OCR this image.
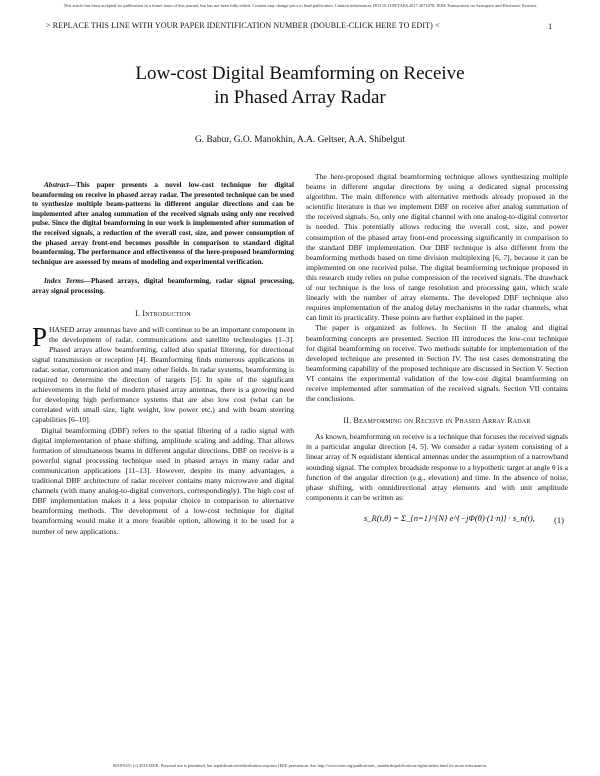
This article has been accepted for publication in a future issue of this journal, but has not been fully edited. Content may change prior to final publication. Citation information: DOI 10.1109/TAES.2017.2671078, IEEE Transactions on Aerospace and Electronic Systems
> REPLACE THIS LINE WITH YOUR PAPER IDENTIFICATION NUMBER (DOUBLE-CLICK HERE TO EDIT) <	1
Low-cost Digital Beamforming on Receive
in Phased Array Radar
G. Babur, G.O. Manokhin, A.A. Geltser, A.A. Shibelgut

Abstract—This paper presents a novel low-cost technique for digital beamforming on receive in phased array radar. The presented technique can be used to synthesize multiple beam-patterns in different angular directions and can be implemented after analog summation of the received signals using only one received pulse. Since the digital beamforming in our work is implemented after summation of the received signals, a reduction of the overall cost, size, and power consumption of the phased array front-end becomes possible in comparison to standard digital beamforming. The performance and effectiveness of the here-proposed beamforming technique are assessed by means of modeling and experimental verification.

Index Terms—Phased arrays, digital beamforming, radar signal processing, array signal processing.

I. Introduction

PHASED array antennas have and will continue to be an important component in the development of radar, communications and satellite technologies [1–3]. Phased arrays allow beamforming, called also spatial filtering, for directional signal transmission or reception [4]. Beamforming finds numerous applications in radar, sonar, communication and many other fields. In radar systems, beamforming is required to determine the direction of targets [5]. In spite of the significant achievements in the field of modern phased array antennas, there is a growing need for developing high performance systems that are also low cost (what can be correlated with small size, light weight, low power etc.) and with beam steering capabilities [6–10].

Digital beamforming (DBF) refers to the spatial filtering of a radio signal with digital implementation of phase shifting, amplitude scaling and adding. That allows formation of simultaneous beams in different angular directions. DBF on receive is a powerful signal processing technique used in phased arrays in many radar and communication applications [11–13]. However, despite its many advantages, a traditional DBF architecture of radar receiver contains many microwave and digital channels (with many analog-to-digital convertors, correspondingly). The high cost of DBF implementation makes it a less popular choice in comparison to alternative beamforming methods. The development of a low-cost technique for digital beamforming would make it a more feasible option, allowing it to be used for a number of new applications.

The here-proposed digital beamforming technique allows synthesizing multiple beams in different angular directions by using a dedicated signal processing algorithm. The main difference with alternative methods already proposed in the scientific literature is that we implement DBF on receive after analog summation of the received signals. So, only one digital channel with one analog-to-digital convertor is needed. This potentially allows reducing the overall cost, size, and power consumption of the phased array front-end processing significantly in comparison to the standard DBF implementation. Our DBF technique is also different from the beamforming methods based on time division multiplexing [6, 7], because it can be implemented on one received pulse. The digital beamforming technique proposed in this research study relies on pulse compression of the received signals. The drawback of our technique is the loss of range resolution and processing gain, which scale linearly with the number of array elements. The developed DBF technique also requires implementation of the analog delay mechanisms in the radar channels, what can limit its practicality. These points are further explained in the paper.

The paper is organized as follows. In Section II the analog and digital beamforming concepts are presented. Section III introduces the low-cost technique for digital beamforming on receive. Two methods suitable for implementation of the developed technique are presented in Section IV. The test cases demonstrating the beamforming capability of the proposed technique are discussed in Section V. Section VI contains the experimental validation of the low-cost digital beamforming on receive implemented after summation of the received signals. Section VII contains the conclusions.

II. Beamforming on Receive in Phased Array Radar

As known, beamforming on receive is a technique that focuses the received signals in a particular angular direction [4, 5]. We consider a radar system consisting of a linear array of N equidistant identical antennas under the assumption of a narrowband sounding signal. The complex broadside response to a hypothetic target at angle θ is a function of the angular direction (e.g., elevation) and time. In the absence of noise, phase shifting, with omnidirectional array elements and with unit amplitude components it can be written as:

s_R(t,θ) = Σ_{n=1}^{N} e^{−jΦ(θ)·(1·n)} · s_n(t), (1)
0018-9251 (c) 2016 IEEE. Personal use is permitted, but republication/redistribution requires IEEE permission. See http://www.ieee.org/publications_standards/publications/rights/index.html for more information.
